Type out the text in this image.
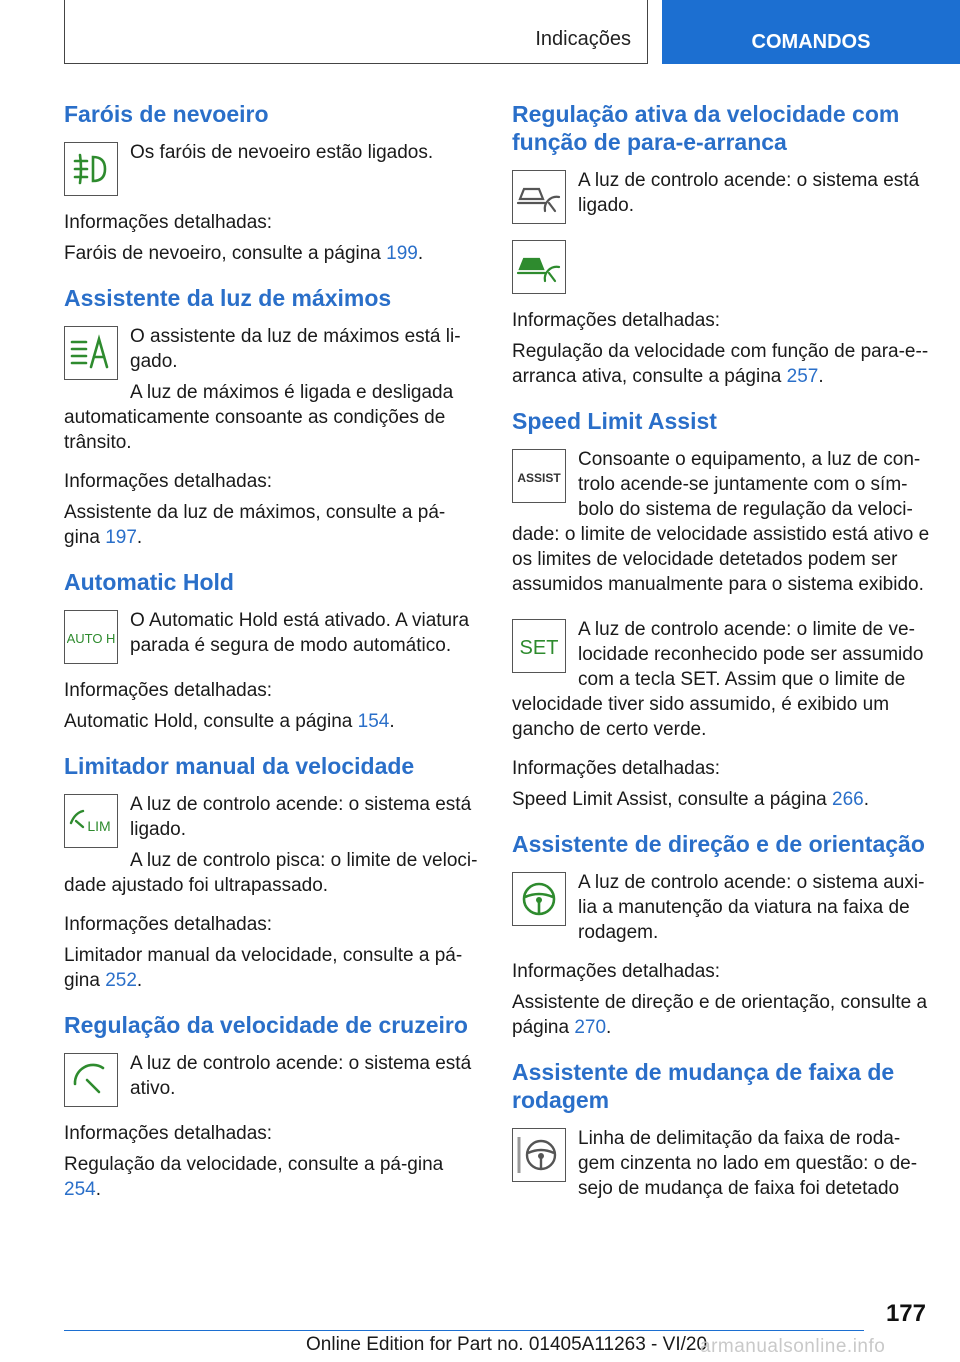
Indicações	COMANDOS
Faróis de nevoeiro

Os faróis de nevoeiro estão ligados.

Informações detalhadas:

Faróis de nevoeiro, consulte a página 199.

Assistente da luz de máximos

O assistente da luz de máximos está li-gado.

A luz de máximos é ligada e desligada automaticamente consoante as condições de trânsito.

Informações detalhadas:

Assistente da luz de máximos, consulte a pá-gina 197.

Automatic Hold
AUTO H

O Automatic Hold está ativado. A viatura parada é segura de modo automático.

Informações detalhadas:

Automatic Hold, consulte a página 154.

Limitador manual da velocidade
LIM

A luz de controlo acende: o sistema está ligado.

A luz de controlo pisca: o limite de veloci-dade ajustado foi ultrapassado.

Informações detalhadas:

Limitador manual da velocidade, consulte a pá-gina 252.

Regulação da velocidade de cruzeiro

A luz de controlo acende: o sistema está ativo.

Informações detalhadas:

Regulação da velocidade, consulte a pá-gina 254.

Regulação ativa da velocidade com função de para-e-arranca

A luz de controlo acende: o sistema está ligado.

Informações detalhadas:

Regulação da velocidade com função de para-e--arranca ativa, consulte a página 257.

Speed Limit Assist
ASSIST

Consoante o equipamento, a luz de con-trolo acende-se juntamente com o sím-bolo do sistema de regulação da veloci-dade: o limite de velocidade assistido está ativo e os limites de velocidade detetados podem ser assumidos manualmente para o sistema exibido.

SET

A luz de controlo acende: o limite de ve-locidade reconhecido pode ser assumido com a tecla SET. Assim que o limite de velocidade tiver sido assumido, é exibido um gancho de certo verde.

Informações detalhadas:

Speed Limit Assist, consulte a página 266.

Assistente de direção e de orientação

A luz de controlo acende: o sistema auxi-lia a manutenção da viatura na faixa de rodagem.

Informações detalhadas:

Assistente de direção e de orientação, consulte a página 270.

Assistente de mudança de faixa de rodagem

Linha de delimitação da faixa de roda-gem cinzenta no lado em questão: o de-sejo de mudança de faixa foi detetado

177
Online Edition for Part no. 01405A11263 - VI/20
armanualsonline.info
